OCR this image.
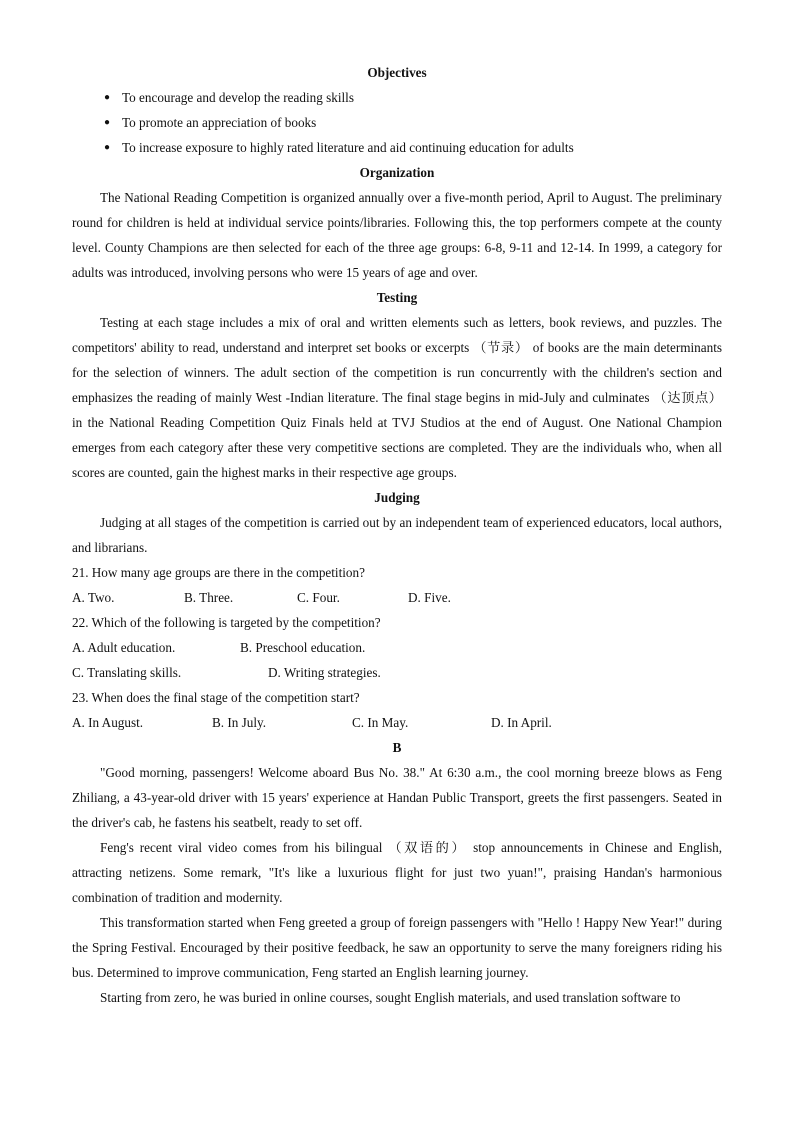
Objectives
● To encourage and develop the reading skills
● To promote an appreciation of books
● To increase exposure to highly rated literature and aid continuing education for adults
Organization

The National Reading Competition is organized annually over a five-month period, April to August. The preliminary round for children is held at individual service points/libraries. Following this, the top performers compete at the county level. County Champions are then selected for each of the three age groups: 6-8, 9-11 and 12-14. In 1999, a category for adults was introduced, involving persons who were 15 years of age and over.

Testing

Testing at each stage includes a mix of oral and written elements such as letters, book reviews, and puzzles. The competitors' ability to read, understand and interpret set books or excerpts （节录） of books are the main determinants for the selection of winners. The adult section of the competition is run concurrently with the children's section and emphasizes the reading of mainly West -Indian literature. The final stage begins in mid-July and culminates （达顶点） in the National Reading Competition Quiz Finals held at TVJ Studios at the end of August. One National Champion emerges from each category after these very competitive sections are completed. They are the individuals who, when all scores are counted, gain the highest marks in their respective age groups.

Judging

Judging at all stages of the competition is carried out by an independent team of experienced educators, local authors, and librarians.

21. How many age groups are there in the competition?

A. Two.	B. Three.	C. Four.	D. Five.

22. Which of the following is targeted by the competition?

A. Adult education.	B. Preschool education.
C. Translating skills.	D. Writing strategies.

23. When does the final stage of the competition start?

A. In August.	B. In July.	C. In May.	D. In April.
B

"Good morning, passengers! Welcome aboard Bus No. 38." At 6:30 a.m., the cool morning breeze blows as Feng Zhiliang, a 43-year-old driver with 15 years' experience at Handan Public Transport, greets the first passengers. Seated in the driver's cab, he fastens his seatbelt, ready to set off.

Feng's recent viral video comes from his bilingual （双语的） stop announcements in Chinese and English, attracting netizens. Some remark, "It's like a luxurious flight for just two yuan!", praising Handan's harmonious combination of tradition and modernity.

This transformation started when Feng greeted a group of foreign passengers with "Hello ! Happy New Year!" during the Spring Festival. Encouraged by their positive feedback, he saw an opportunity to serve the many foreigners riding his bus. Determined to improve communication, Feng started an English learning journey.

Starting from zero, he was buried in online courses, sought English materials, and used translation software to
